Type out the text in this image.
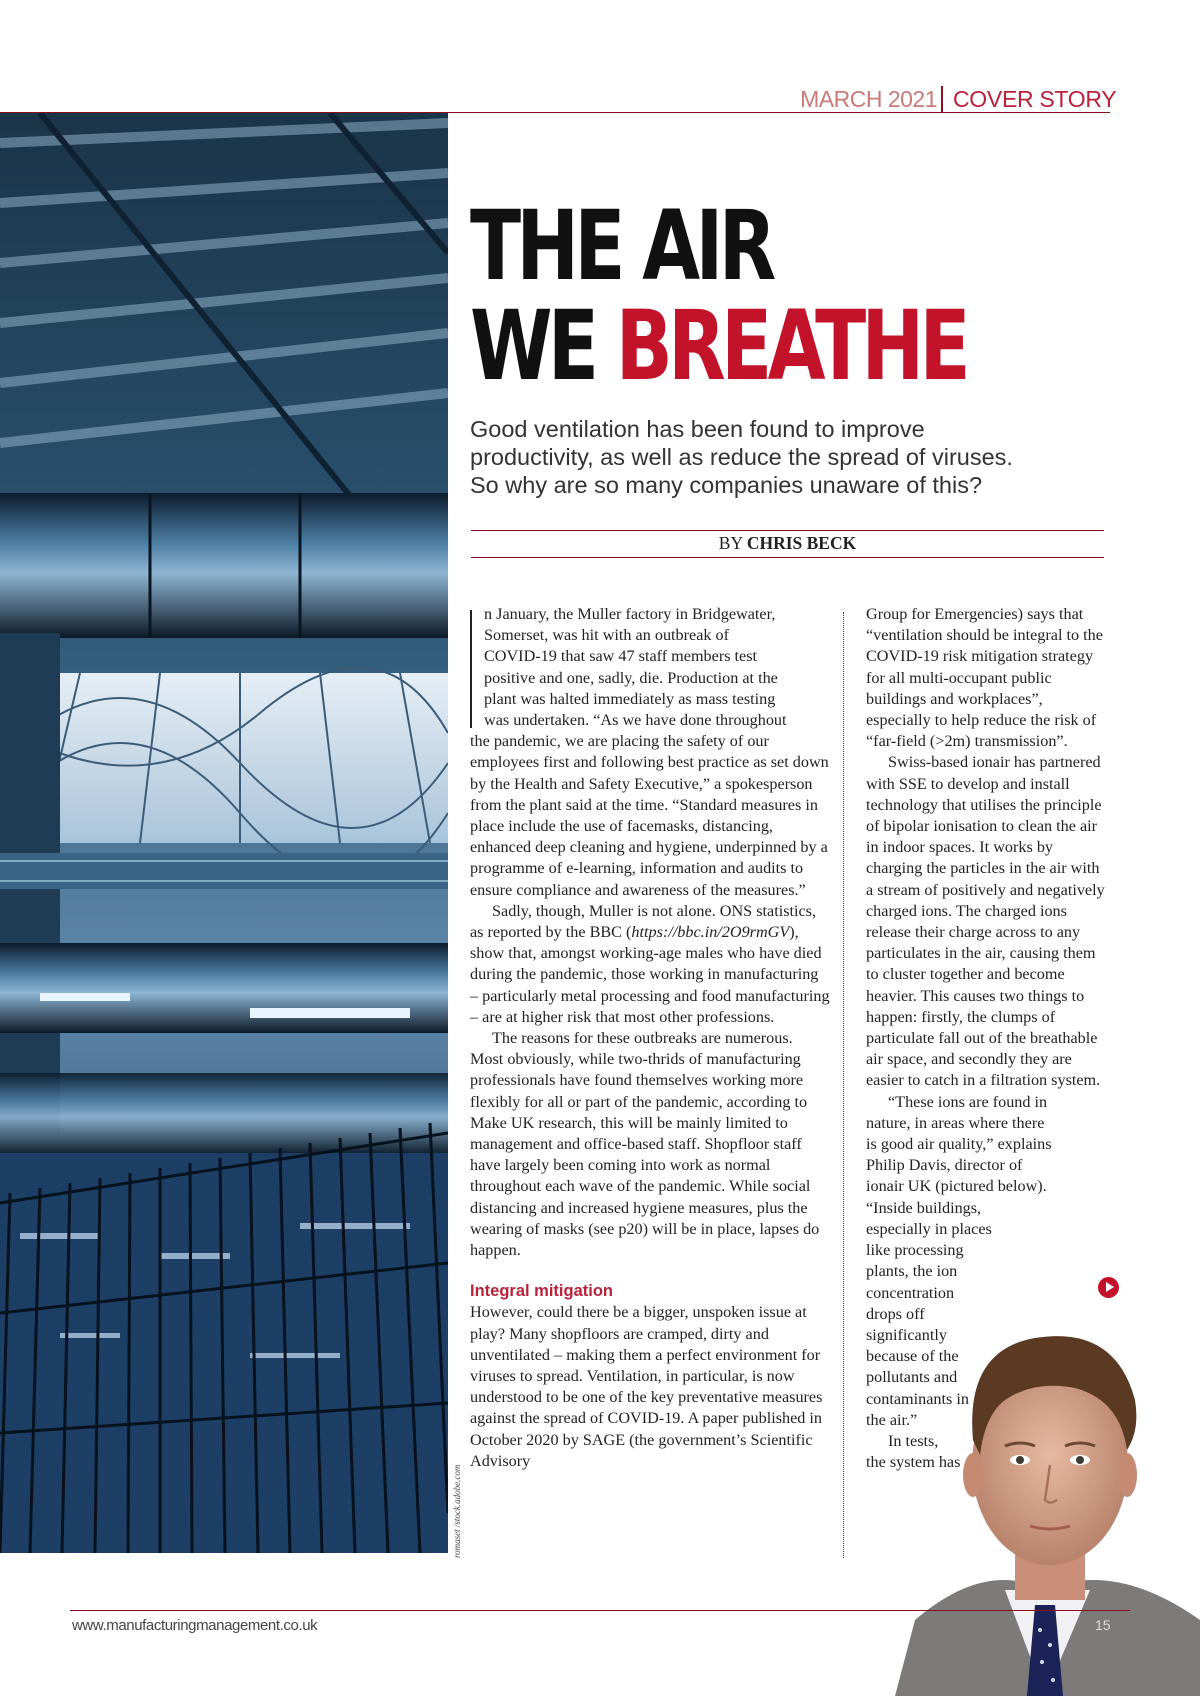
MARCH 2021 COVER STORY
romaset /stock.adobe.com
THE AIR
WE BREATHE
Good ventilation has been found to improve
productivity, as well as reduce the spread of viruses.
So why are so many companies unaware of this?
BY CHRIS BECK
n January, the Muller factory in Bridgewater,
Somerset, was hit with an outbreak of
COVID-19 that saw 47 staff members test
positive and one, sadly, die. Production at the
plant was halted immediately as mass testing
was undertaken. “As we have done throughout

the pandemic, we are placing the safety of our employees first and following best practice as set down by the Health and Safety Executive,” a spokesperson from the plant said at the time. “Standard measures in place include the use of facemasks, distancing, enhanced deep cleaning and hygiene, underpinned by a programme of e-learning, information and audits to ensure compliance and awareness of the measures.”

Sadly, though, Muller is not alone. ONS statistics, as reported by the BBC (https://bbc.in/2O9rmGV), show that, amongst working-age males who have died during the pandemic, those working in manufacturing – particularly metal processing and food manufacturing – are at higher risk that most other professions.

The reasons for these outbreaks are numerous. Most obviously, while two-thrids of manufacturing professionals have found themselves working more flexibly for all or part of the pandemic, according to Make UK research, this will be mainly limited to management and office-based staff. Shopfloor staff have largely been coming into work as normal throughout each wave of the pandemic. While social distancing and increased hygiene measures, plus the wearing of masks (see p20) will be in place, lapses do happen.

Integral mitigation

However, could there be a bigger, unspoken issue at play? Many shopfloors are cramped, dirty and unventilated – making them a perfect environment for viruses to spread. Ventilation, in particular, is now understood to be one of the key preventative measures against the spread of COVID-19. A paper published in October 2020 by SAGE (the government’s Scientific Advisory

Group for Emergencies) says that “ventilation should be integral to the COVID-19 risk mitigation strategy for all multi-occupant public buildings and workplaces”, especially to help reduce the risk of “far-field (>2m) transmission”.

Swiss-based ionair has partnered with SSE to develop and install technology that utilises the principle of bipolar ionisation to clean the air in indoor spaces. It works by charging the particles in the air with a stream of positively and negatively charged ions. The charged ions release their charge across to any particulates in the air, causing them to cluster together and become heavier. This causes two things to happen: firstly, the clumps of particulate fall out of the breathable air space, and secondly they are easier to catch in a filtration system.

“These ions are found in
nature, in areas where there
is good air quality,” explains
Philip Davis, director of
ionair UK (pictured below).
“Inside buildings,
especially in places
like processing
plants, the ion
concentration
drops off
significantly
because of the
pollutants and
contaminants in
the air.”
In tests,
the system has
www.manufacturingmanagement.co.uk	15
